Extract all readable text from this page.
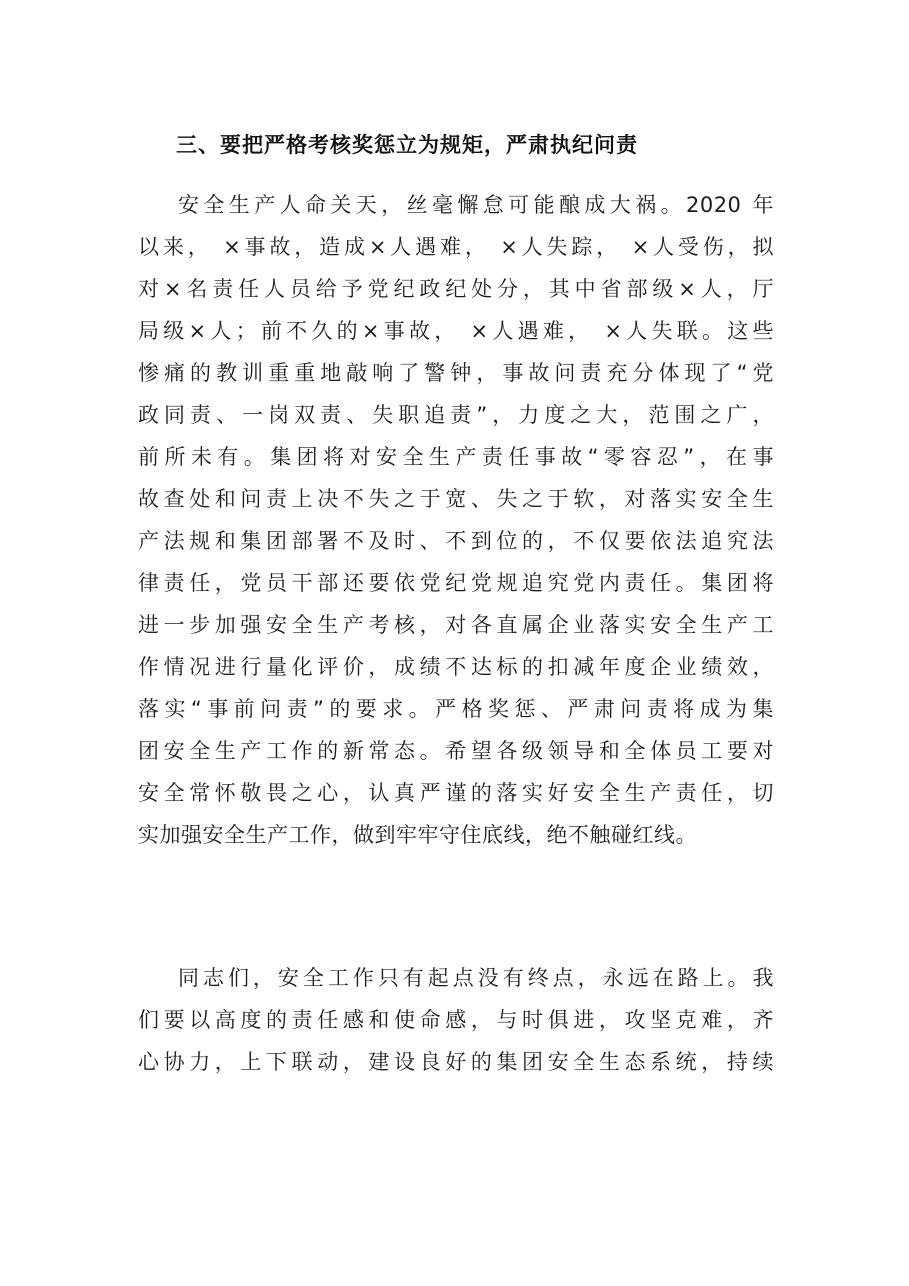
三、要把严格考核奖惩立为规矩，严肃执纪问责
安全生产人命关天，丝毫懈怠可能酿成大祸。2020 年
以来， ×事故，造成×人遇难， ×人失踪， ×人受伤，拟
对×名责任人员给予党纪政纪处分，其中省部级×人，厅
局级×人；前不久的×事故， ×人遇难， ×人失联。这些
惨痛的教训重重地敲响了警钟，事故问责充分体现了“党
政同责、一岗双责、失职追责”，力度之大，范围之广，
前所未有。集团将对安全生产责任事故“零容忍”，在事
故查处和问责上决不失之于宽、失之于软，对落实安全生
产法规和集团部署不及时、不到位的，不仅要依法追究法
律责任，党员干部还要依党纪党规追究党内责任。集团将
进一步加强安全生产考核，对各直属企业落实安全生产工
作情况进行量化评价，成绩不达标的扣减年度企业绩效，
落实“事前问责”的要求。严格奖惩、严肃问责将成为集
团安全生产工作的新常态。希望各级领导和全体员工要对
安全常怀敬畏之心，认真严谨的落实好安全生产责任，切
实加强安全生产工作，做到牢牢守住底线，绝不触碰红线。
同志们，安全工作只有起点没有终点，永远在路上。我
们要以高度的责任感和使命感，与时俱进，攻坚克难，齐
心协力，上下联动，建设良好的集团安全生态系统，持续
